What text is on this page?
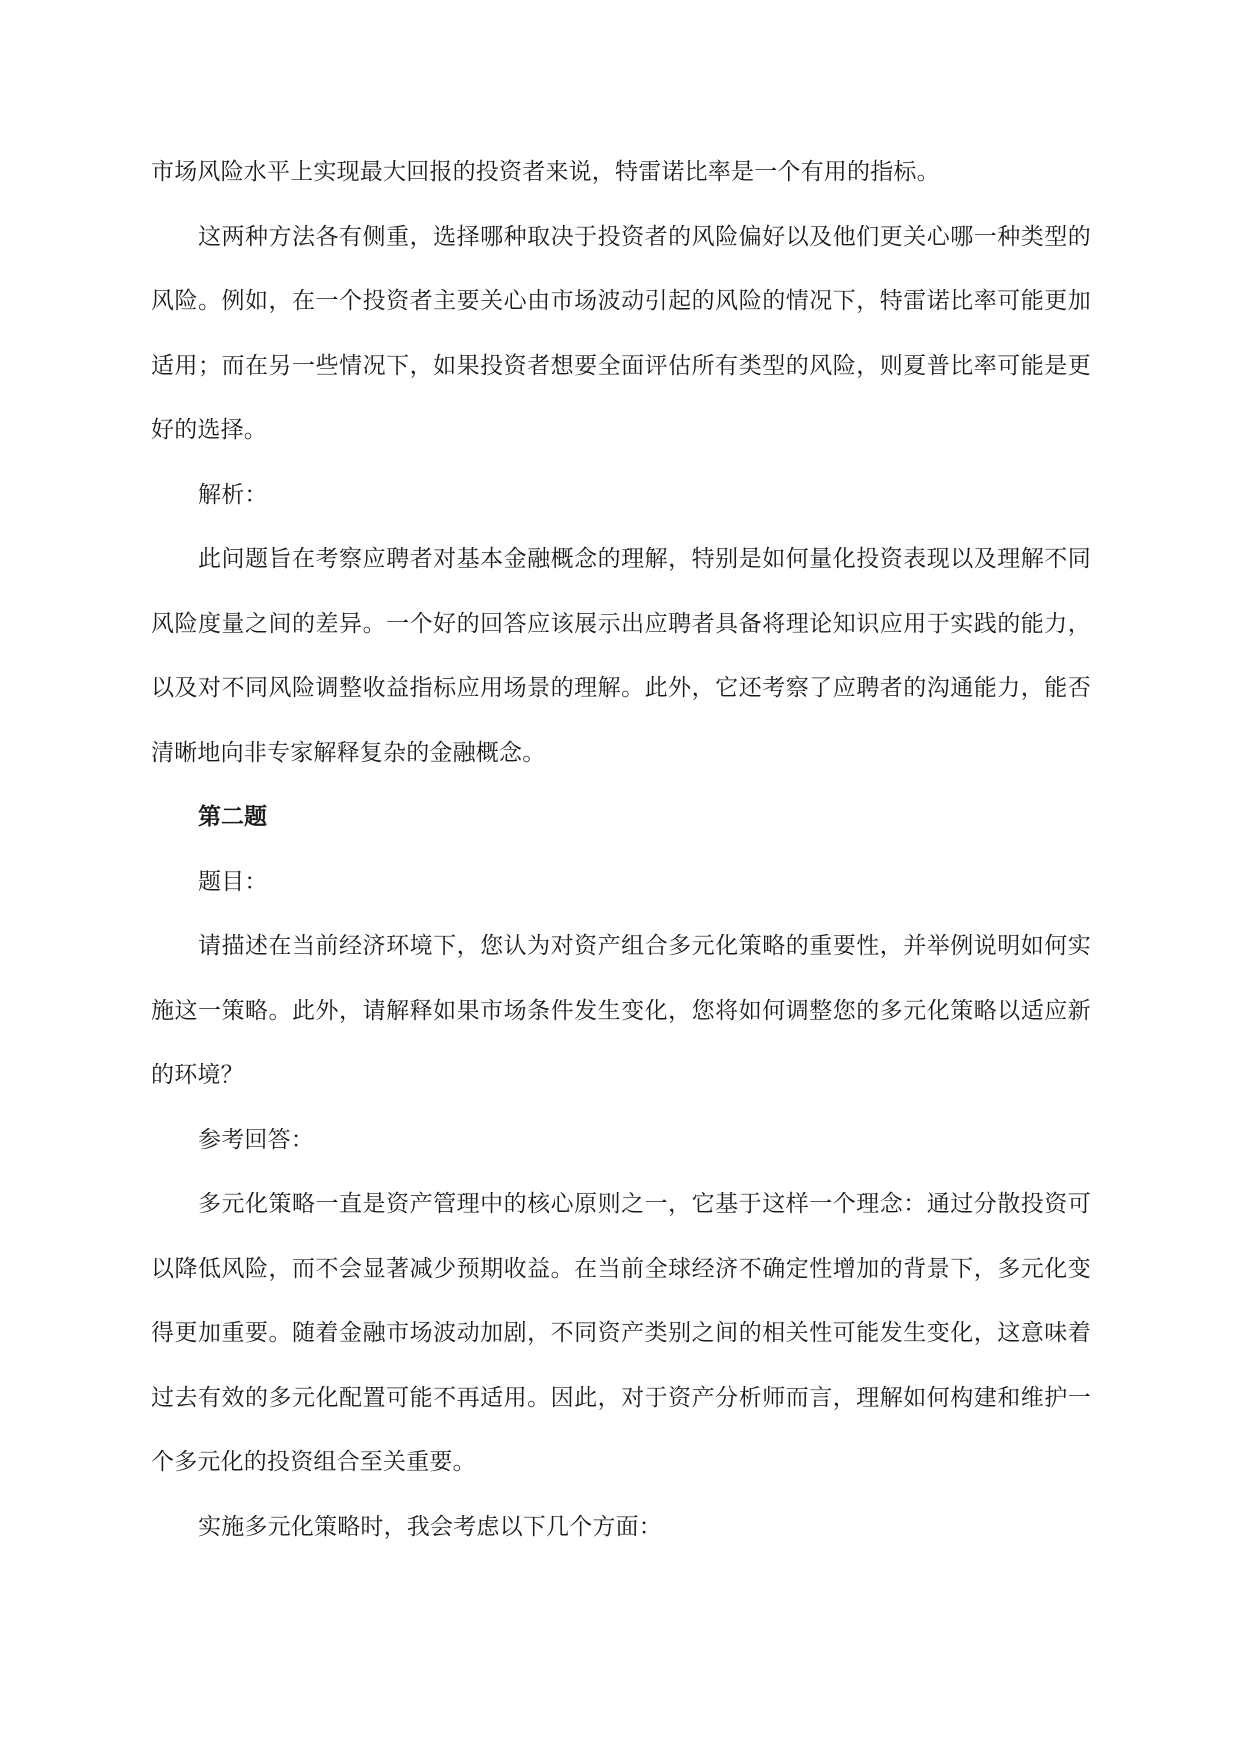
市场风险水平上实现最大回报的投资者来说，特雷诺比率是一个有用的指标。

这两种方法各有侧重，选择哪种取决于投资者的风险偏好以及他们更关心哪一种类型的风险。例如，在一个投资者主要关心由市场波动引起的风险的情况下，特雷诺比率可能更加适用；而在另一些情况下，如果投资者想要全面评估所有类型的风险，则夏普比率可能是更好的选择。

解析：

此问题旨在考察应聘者对基本金融概念的理解，特别是如何量化投资表现以及理解不同风险度量之间的差异。一个好的回答应该展示出应聘者具备将理论知识应用于实践的能力，以及对不同风险调整收益指标应用场景的理解。此外，它还考察了应聘者的沟通能力，能否清晰地向非专家解释复杂的金融概念。

第二题

题目：

请描述在当前经济环境下，您认为对资产组合多元化策略的重要性，并举例说明如何实施这一策略。此外，请解释如果市场条件发生变化，您将如何调整您的多元化策略以适应新的环境？

参考回答：

多元化策略一直是资产管理中的核心原则之一，它基于这样一个理念：通过分散投资可以降低风险，而不会显著减少预期收益。在当前全球经济不确定性增加的背景下，多元化变得更加重要。随着金融市场波动加剧，不同资产类别之间的相关性可能发生变化，这意味着过去有效的多元化配置可能不再适用。因此，对于资产分析师而言，理解如何构建和维护一个多元化的投资组合至关重要。

实施多元化策略时，我会考虑以下几个方面：
